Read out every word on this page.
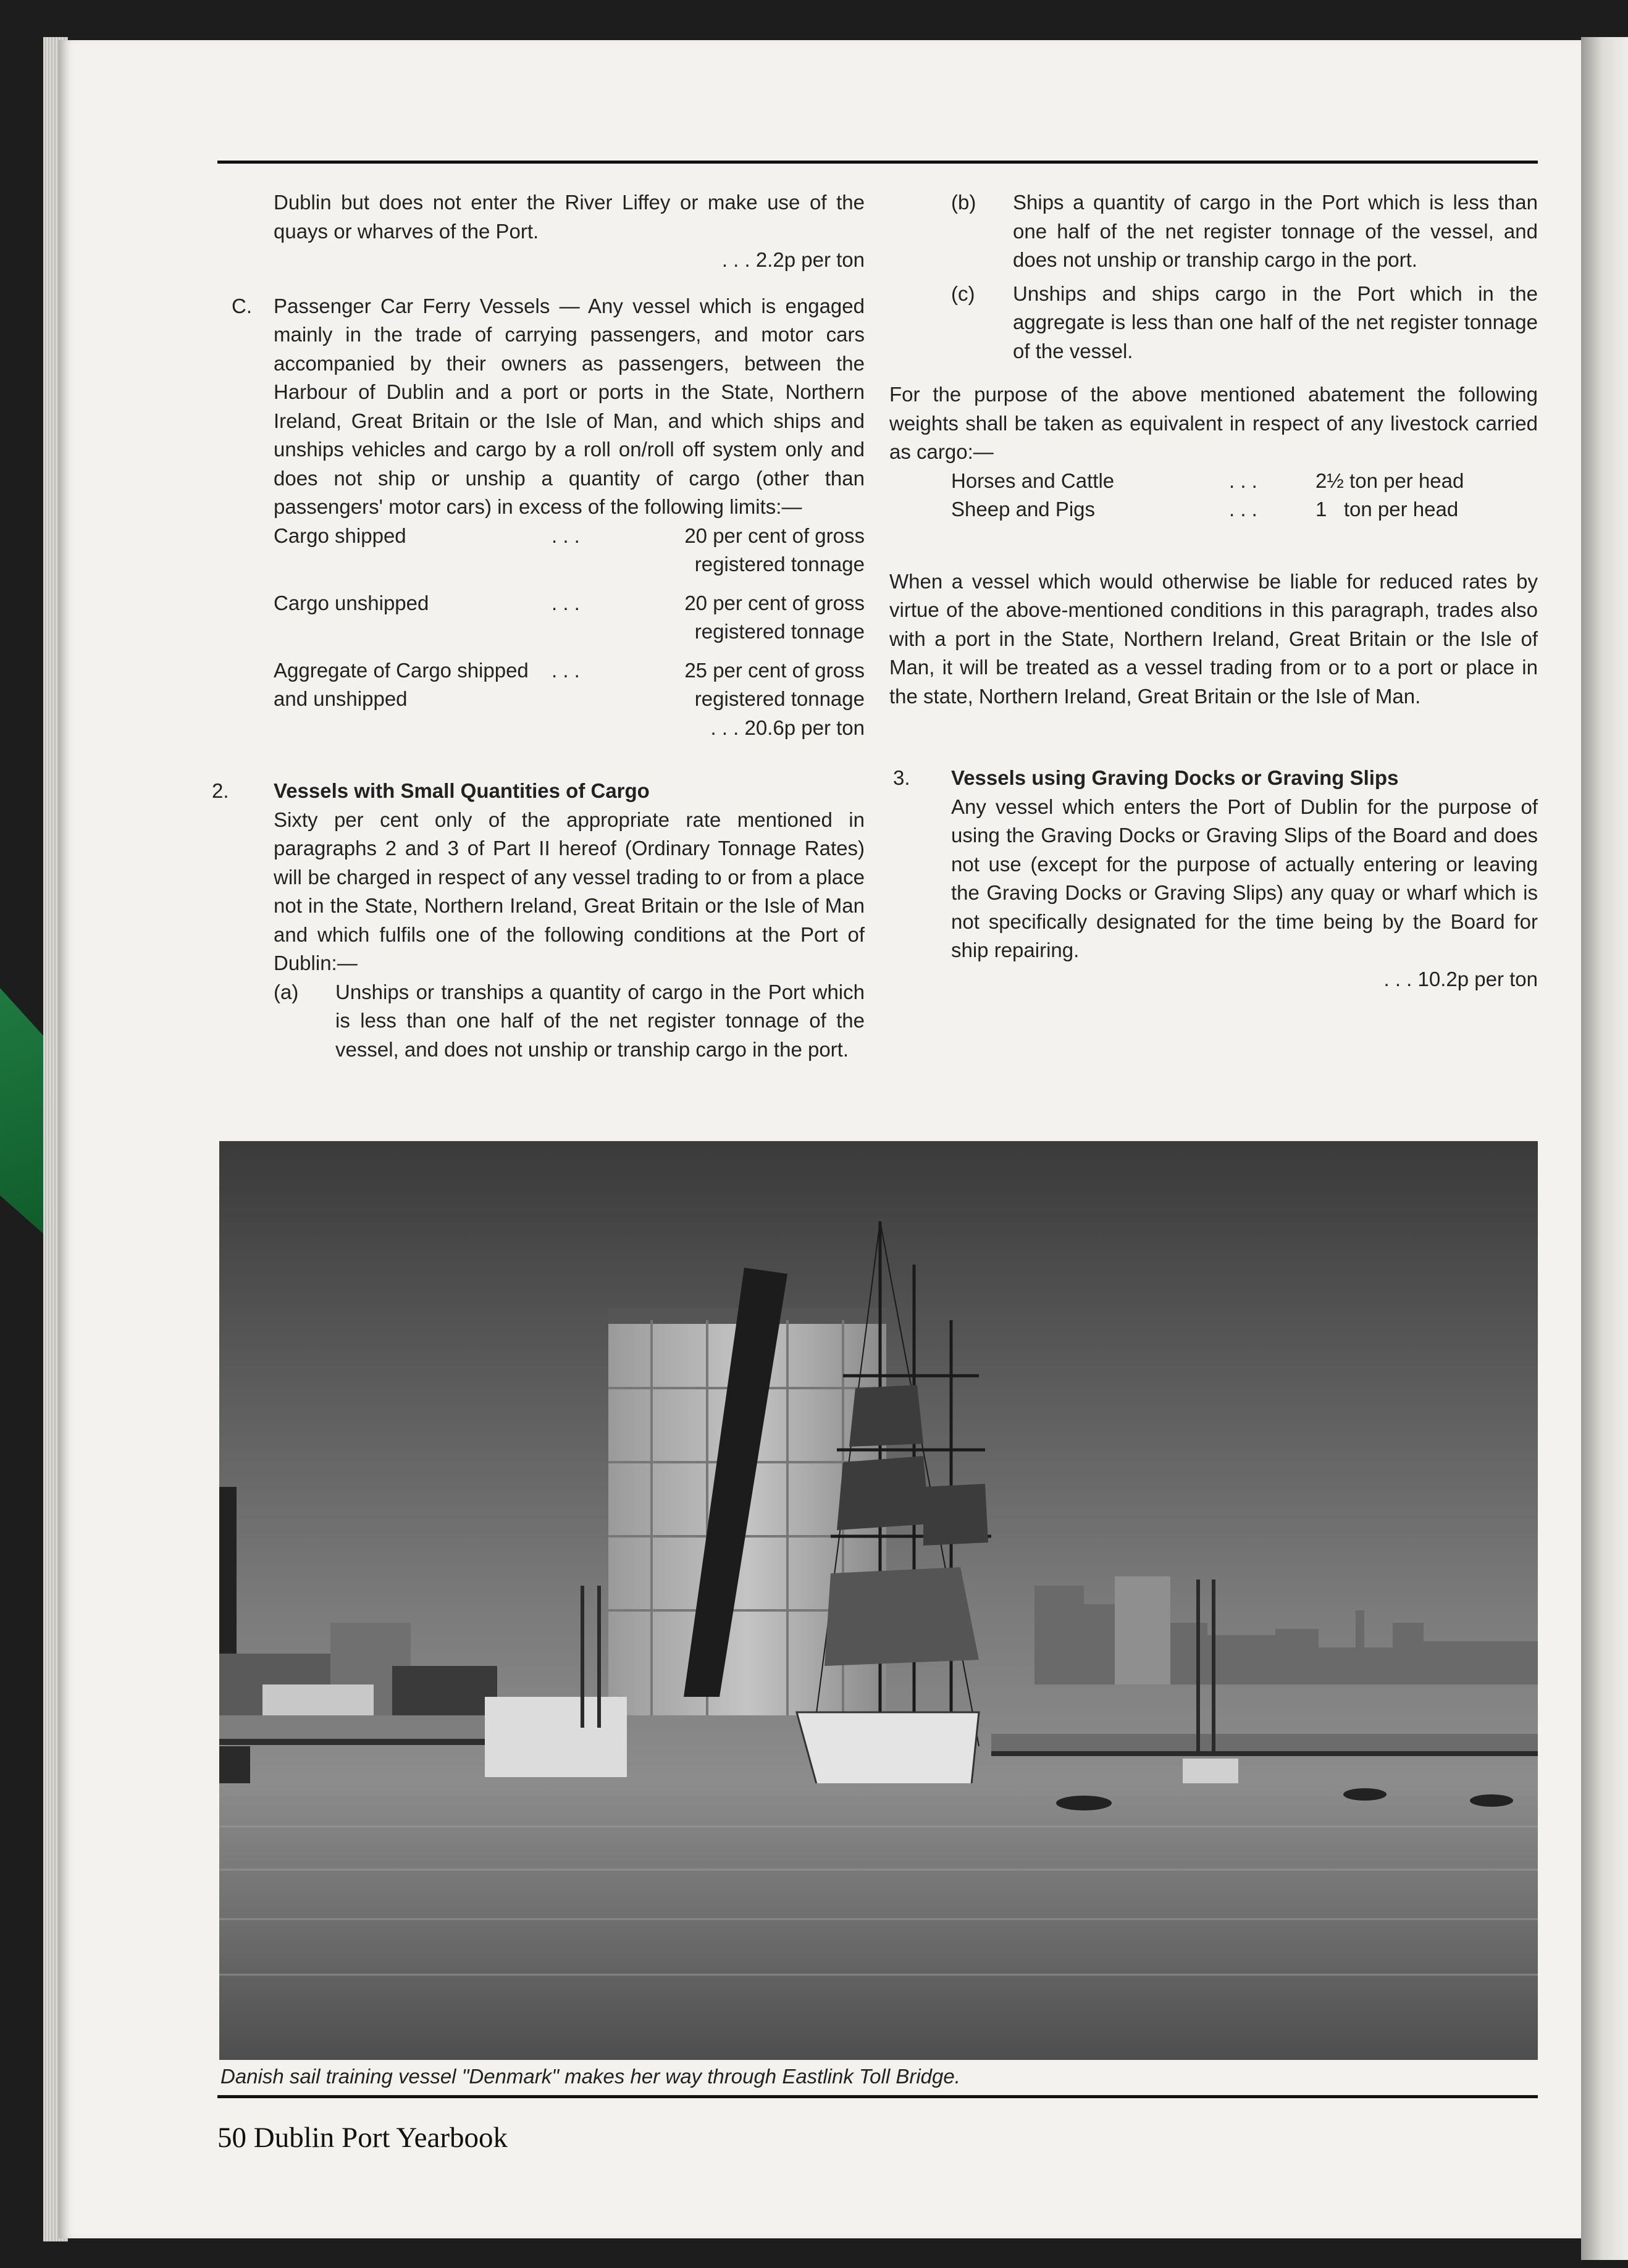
Dublin but does not enter the River Liffey or make use of the quays or wharves of the Port.

. . . 2.2p per ton

C. Passenger Car Ferry Vessels — Any vessel which is engaged mainly in the trade of carrying passengers, and motor cars accompanied by their owners as passengers, between the Harbour of Dublin and a port or ports in the State, Northern Ireland, Great Britain or the Isle of Man, and which ships and unships vehicles and cargo by a roll on/roll off system only and does not ship or unship a quantity of cargo (other than passengers' motor cars) in excess of the following limits:—

Cargo shipped	. . .	20 per cent of gross registered tonnage
Cargo unshipped	. . .	20 per cent of gross registered tonnage
Aggregate of Cargo shipped and unshipped	. . .	25 per cent of gross registered tonnage

. . . 20.6p per ton

2. Vessels with Small Quantities of Cargo

Sixty per cent only of the appropriate rate mentioned in paragraphs 2 and 3 of Part II hereof (Ordinary Tonnage Rates) will be charged in respect of any vessel trading to or from a place not in the State, Northern Ireland, Great Britain or the Isle of Man and which fulfils one of the following conditions at the Port of Dublin:—

(a) Unships or tranships a quantity of cargo in the Port which is less than one half of the net register tonnage of the vessel, and does not unship or tranship cargo in the port.

(b) Ships a quantity of cargo in the Port which is less than one half of the net register tonnage of the vessel, and does not unship or tranship cargo in the port.

(c) Unships and ships cargo in the Port which in the aggregate is less than one half of the net register tonnage of the vessel.

For the purpose of the above mentioned abatement the following weights shall be taken as equivalent in respect of any livestock carried as cargo:—

Horses and Cattle	. . .	2½ ton per head
Sheep and Pigs	. . .	1   ton per head

When a vessel which would otherwise be liable for reduced rates by virtue of the above-mentioned conditions in this paragraph, trades also with a port in the State, Northern Ireland, Great Britain or the Isle of Man, it will be treated as a vessel trading from or to a port or place in the state, Northern Ireland, Great Britain or the Isle of Man.

3. Vessels using Graving Docks or Graving Slips

Any vessel which enters the Port of Dublin for the purpose of using the Graving Docks or Graving Slips of the Board and does not use (except for the purpose of actually entering or leaving the Graving Docks or Graving Slips) any quay or wharf which is not specifically designated for the time being by the Board for ship repairing.

. . . 10.2p per ton

Danish sail training vessel "Denmark" makes her way through Eastlink Toll Bridge.

50 Dublin Port Yearbook
